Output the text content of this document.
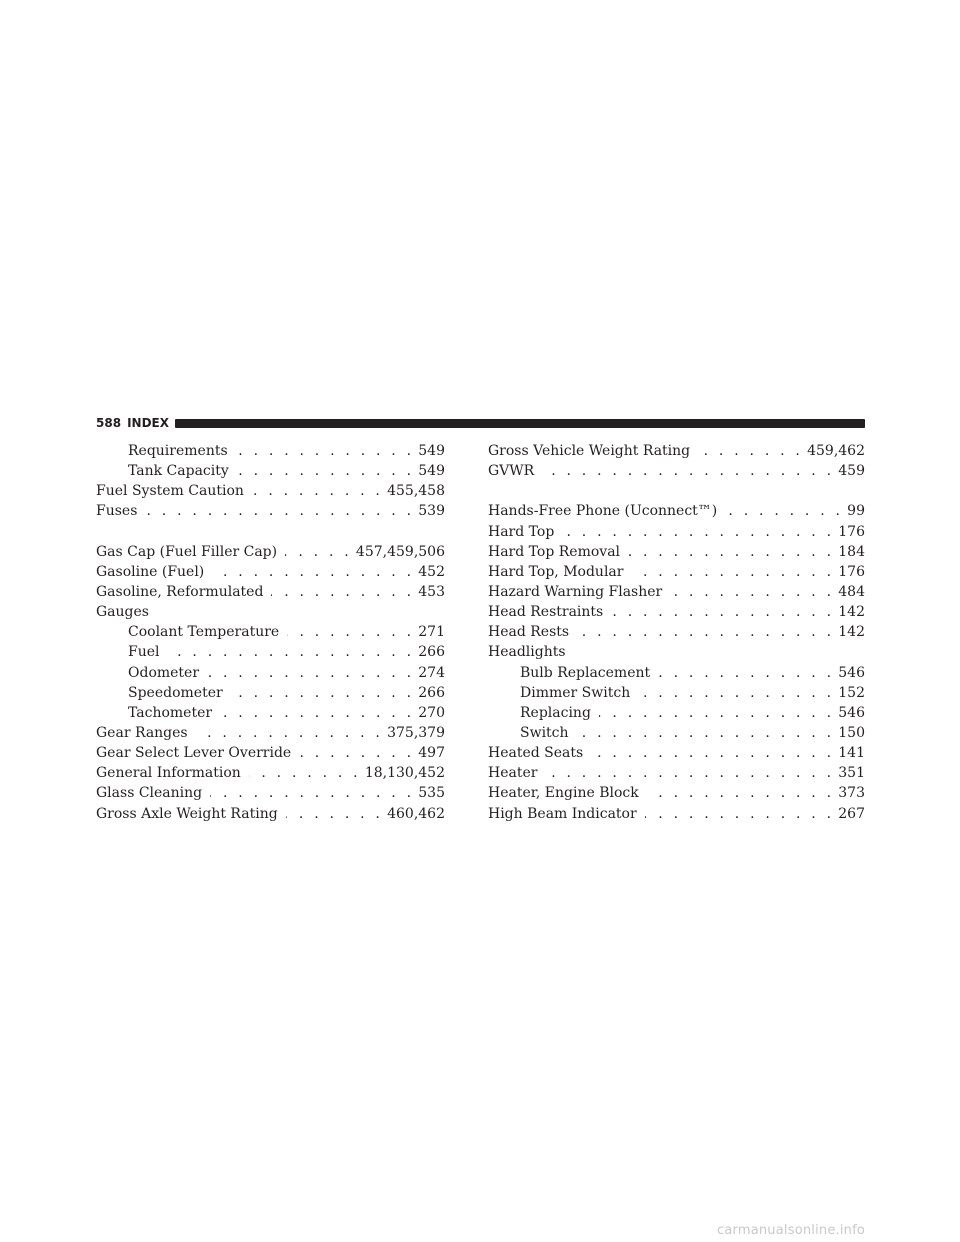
588 INDEX
Requirements . . .	549
Tank Capacity . . .	549
Fuel System Caution . . .	455,458
Fuses . . .	539
Gas Cap (Fuel Filler Cap) . . .	457,459,506
Gasoline (Fuel) . . .	452
Gasoline, Reformulated . . .	453
Gauges
Coolant Temperature . . .	271
Fuel . . .	266
Odometer . . .	274
Speedometer . . .	266
Tachometer . . .	270
Gear Ranges . . .	375,379
Gear Select Lever Override . . .	497
General Information . . .	18,130,452
Glass Cleaning . . .	535
Gross Axle Weight Rating . . .	460,462
Gross Vehicle Weight Rating . . .	459,462
GVWR . . .	459
Hands-Free Phone (Uconnect™) . . .	99
Hard Top . . .	176
Hard Top Removal . . .	184
Hard Top, Modular . . .	176
Hazard Warning Flasher . . .	484
Head Restraints . . .	142
Head Rests . . .	142
Headlights
Bulb Replacement . . .	546
Dimmer Switch . . .	152
Replacing . . .	546
Switch . . .	150
Heated Seats . . .	141
Heater . . .	351
Heater, Engine Block . . .	373
High Beam Indicator . . .	267
carmanualsonline.info
